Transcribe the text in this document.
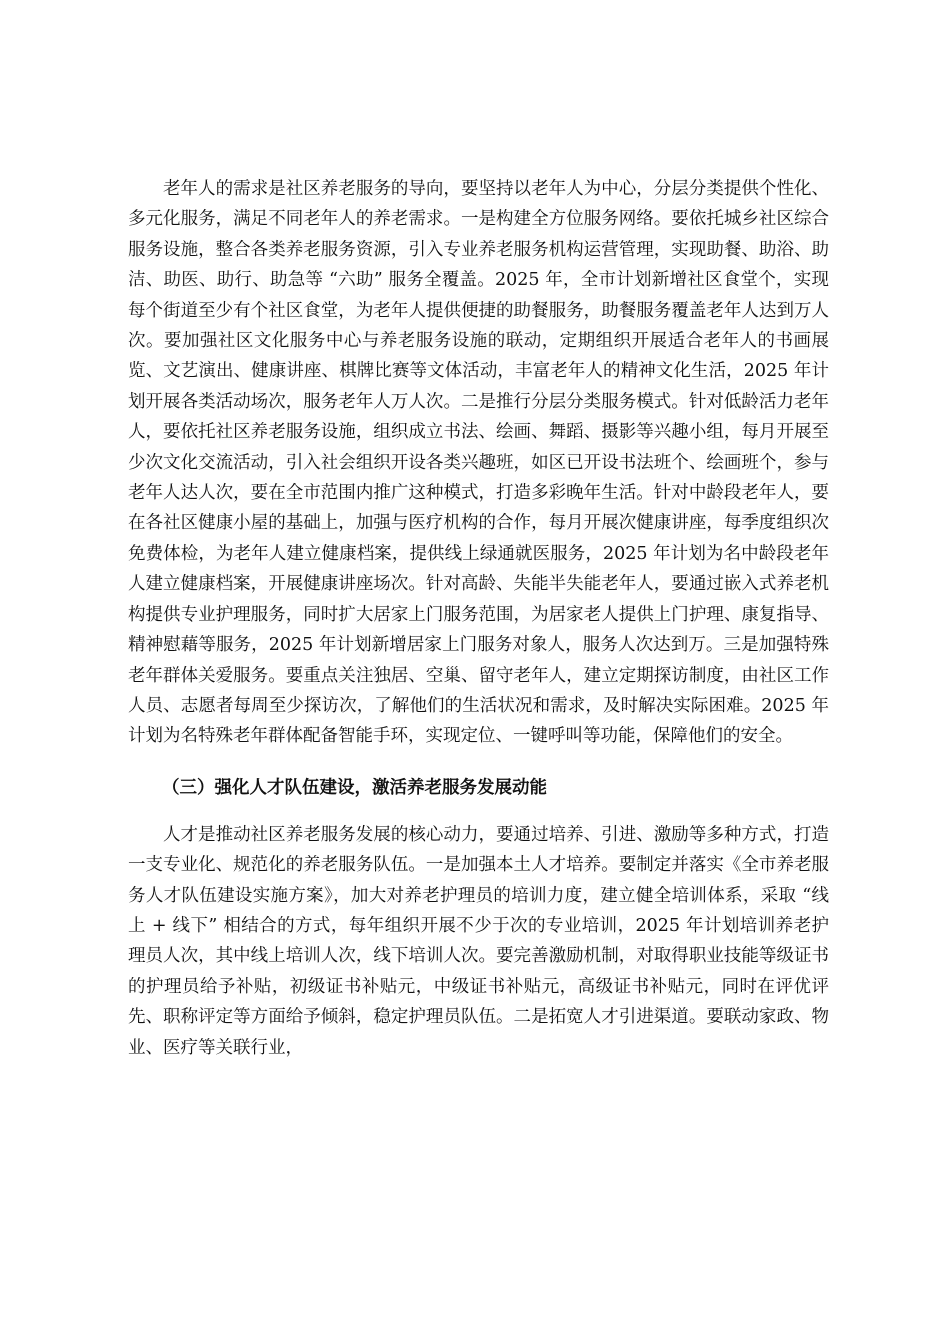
老年人的需求是社区养老服务的导向，要坚持以老年人为中心，分层分类提供个性化、多元化服务，满足不同老年人的养老需求。一是构建全方位服务网络。要依托城乡社区综合服务设施，整合各类养老服务资源，引入专业养老服务机构运营管理，实现助餐、助浴、助洁、助医、助行、助急等 “六助” 服务全覆盖。2025 年，全市计划新增社区食堂个，实现每个街道至少有个社区食堂，为老年人提供便捷的助餐服务，助餐服务覆盖老年人达到万人次。要加强社区文化服务中心与养老服务设施的联动，定期组织开展适合老年人的书画展览、文艺演出、健康讲座、棋牌比赛等文体活动，丰富老年人的精神文化生活，2025 年计划开展各类活动场次，服务老年人万人次。二是推行分层分类服务模式。针对低龄活力老年人，要依托社区养老服务设施，组织成立书法、绘画、舞蹈、摄影等兴趣小组，每月开展至少次文化交流活动，引入社会组织开设各类兴趣班，如区已开设书法班个、绘画班个，参与老年人达人次，要在全市范围内推广这种模式，打造多彩晚年生活。针对中龄段老年人，要在各社区健康小屋的基础上，加强与医疗机构的合作，每月开展次健康讲座，每季度组织次免费体检，为老年人建立健康档案，提供线上绿通就医服务，2025 年计划为名中龄段老年人建立健康档案，开展健康讲座场次。针对高龄、失能半失能老年人，要通过嵌入式养老机构提供专业护理服务，同时扩大居家上门服务范围，为居家老人提供上门护理、康复指导、精神慰藉等服务，2025 年计划新增居家上门服务对象人，服务人次达到万。三是加强特殊老年群体关爱服务。要重点关注独居、空巢、留守老年人，建立定期探访制度，由社区工作人员、志愿者每周至少探访次，了解他们的生活状况和需求，及时解决实际困难。2025 年计划为名特殊老年群体配备智能手环，实现定位、一键呼叫等功能，保障他们的安全。

（三）强化人才队伍建设，激活养老服务发展动能

人才是推动社区养老服务发展的核心动力，要通过培养、引进、激励等多种方式，打造一支专业化、规范化的养老服务队伍。一是加强本土人才培养。要制定并落实《全市养老服务人才队伍建设实施方案》，加大对养老护理员的培训力度，建立健全培训体系，采取 “线上 + 线下” 相结合的方式，每年组织开展不少于次的专业培训，2025 年计划培训养老护理员人次，其中线上培训人次，线下培训人次。要完善激励机制，对取得职业技能等级证书的护理员给予补贴，初级证书补贴元，中级证书补贴元，高级证书补贴元，同时在评优评先、职称评定等方面给予倾斜，稳定护理员队伍。二是拓宽人才引进渠道。要联动家政、物业、医疗等关联行业，
